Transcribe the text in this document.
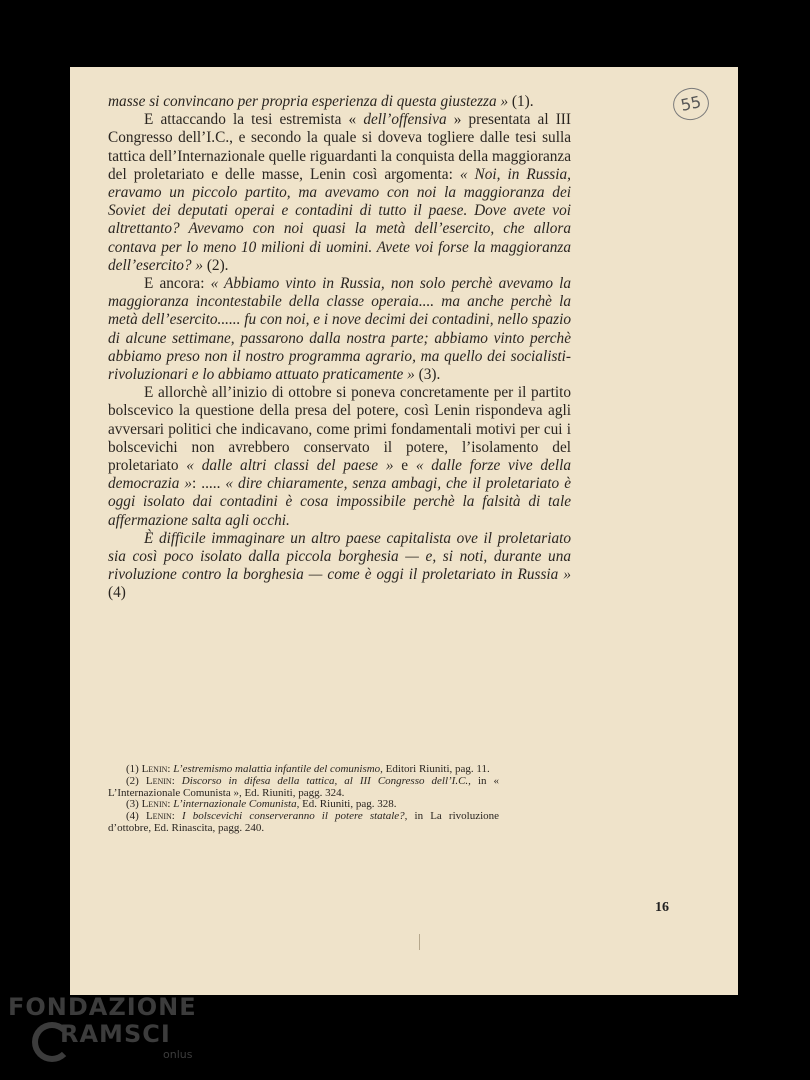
55
16

masse si convincano per propria esperienza di questa giustezza » (1).

E attaccando la tesi estremista « dell’offensiva » presentata al III Congresso dell’I.C., e secondo la quale si doveva togliere dalle tesi sulla tattica dell’Internazionale quelle riguardanti la conquista della maggioranza del proletariato e delle masse, Lenin così argomenta: « Noi, in Russia, eravamo un piccolo partito, ma avevamo con noi la maggioranza dei Soviet dei deputati operai e contadini di tutto il paese. Dove avete voi altrettanto? Avevamo con noi quasi la metà dell’esercito, che allora contava per lo meno 10 milioni di uomini. Avete voi forse la maggioranza dell’esercito? » (2).

E ancora: « Abbiamo vinto in Russia, non solo perchè avevamo la maggioranza incontestabile della classe operaia.... ma anche perchè la metà dell’esercito...... fu con noi, e i nove decimi dei contadini, nello spazio di alcune settimane, passarono dalla nostra parte; abbiamo vinto perchè abbiamo preso non il nostro programma agrario, ma quello dei socialisti-rivoluzionari e lo abbiamo attuato praticamente » (3).

E allorchè all’inizio di ottobre si poneva concretamente per il partito bolscevico la questione della presa del potere, così Lenin rispondeva agli avversari politici che indicavano, come primi fondamentali motivi per cui i bolscevichi non avrebbero conservato il potere, l’isolamento del proletariato « dalle altri classi del paese » e « dalle forze vive della democrazia »: ..... « dire chiaramente, senza ambagi, che il proletariato è oggi isolato dai contadini è cosa impossibile perchè la falsità di tale affermazione salta agli occhi.

È difficile immaginare un altro paese capitalista ove il proletariato sia così poco isolato dalla piccola borghesia — e, si noti, durante una rivoluzione contro la borghesia — come è oggi il proletariato in Russia » (4)

(1) Lenin: L’estremismo malattia infantile del comunismo, Editori Riuniti, pag. 11.

(2) Lenin: Discorso in difesa della tattica, al III Congresso dell’I.C., in « L’Internazionale Comunista », Ed. Riuniti, pagg. 324.

(3) Lenin: L’internazionale Comunista, Ed. Riuniti, pag. 328.

(4) Lenin: I bolscevichi conserveranno il potere statale?, in La rivoluzione d’ottobre, Ed. Rinascita, pagg. 240.

FONDAZIONE
RAMSCI
onlus
